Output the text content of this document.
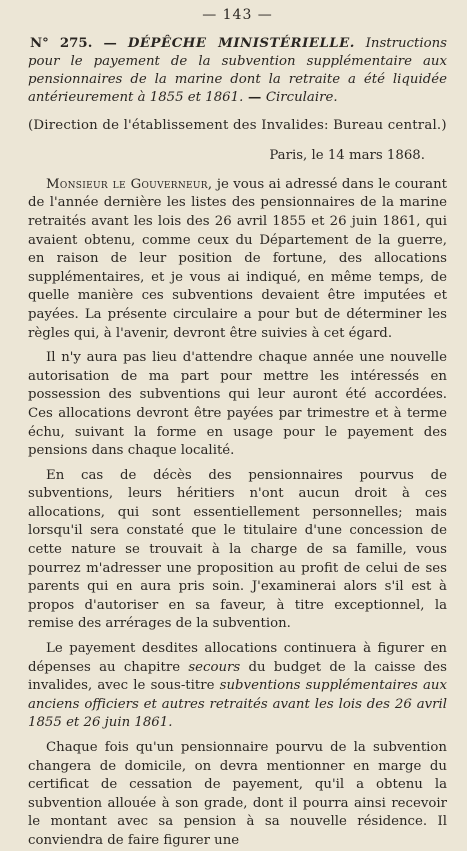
— 143 —
N° 275. — DÉPÊCHE MINISTÉRIELLE. Instructions pour le payement de la subvention supplémentaire aux pensionnaires de la marine dont la retraite a été liquidée antérieurement à 1855 et 1861. — Circulaire.
(Direction de l'établissement des Invalides: Bureau central.)
Paris, le 14 mars 1868.

Monsieur le Gouverneur, je vous ai adressé dans le courant de l'année dernière les listes des pensionnaires de la marine retraités avant les lois des 26 avril 1855 et 26 juin 1861, qui avaient obtenu, comme ceux du Département de la guerre, en raison de leur position de fortune, des allocations supplémentaires, et je vous ai indiqué, en même temps, de quelle manière ces subventions devaient être imputées et payées. La présente circulaire a pour but de déterminer les règles qui, à l'avenir, devront être suivies à cet égard.

Il n'y aura pas lieu d'attendre chaque année une nouvelle autorisation de ma part pour mettre les intéressés en possession des subventions qui leur auront été accordées. Ces allocations devront être payées par trimestre et à terme échu, suivant la forme en usage pour le payement des pensions dans chaque localité.

En cas de décès des pensionnaires pourvus de subventions, leurs héritiers n'ont aucun droit à ces allocations, qui sont essentiellement personnelles; mais lorsqu'il sera constaté que le titulaire d'une concession de cette nature se trouvait à la charge de sa famille, vous pourrez m'adresser une proposition au profit de celui de ses parents qui en aura pris soin. J'examinerai alors s'il est à propos d'autoriser en sa faveur, à titre exceptionnel, la remise des arrérages de la subvention.

Le payement desdites allocations continuera à figurer en dépenses au chapitre secours du budget de la caisse des invalides, avec le sous-titre subventions supplémentaires aux anciens officiers et autres retraités avant les lois des 26 avril 1855 et 26 juin 1861.

Chaque fois qu'un pensionnaire pourvu de la subvention changera de domicile, on devra mentionner en marge du certificat de cessation de payement, qu'il a obtenu la subvention allouée à son grade, dont il pourra ainsi recevoir le montant avec sa pension à sa nouvelle résidence. Il conviendra de faire figurer une
